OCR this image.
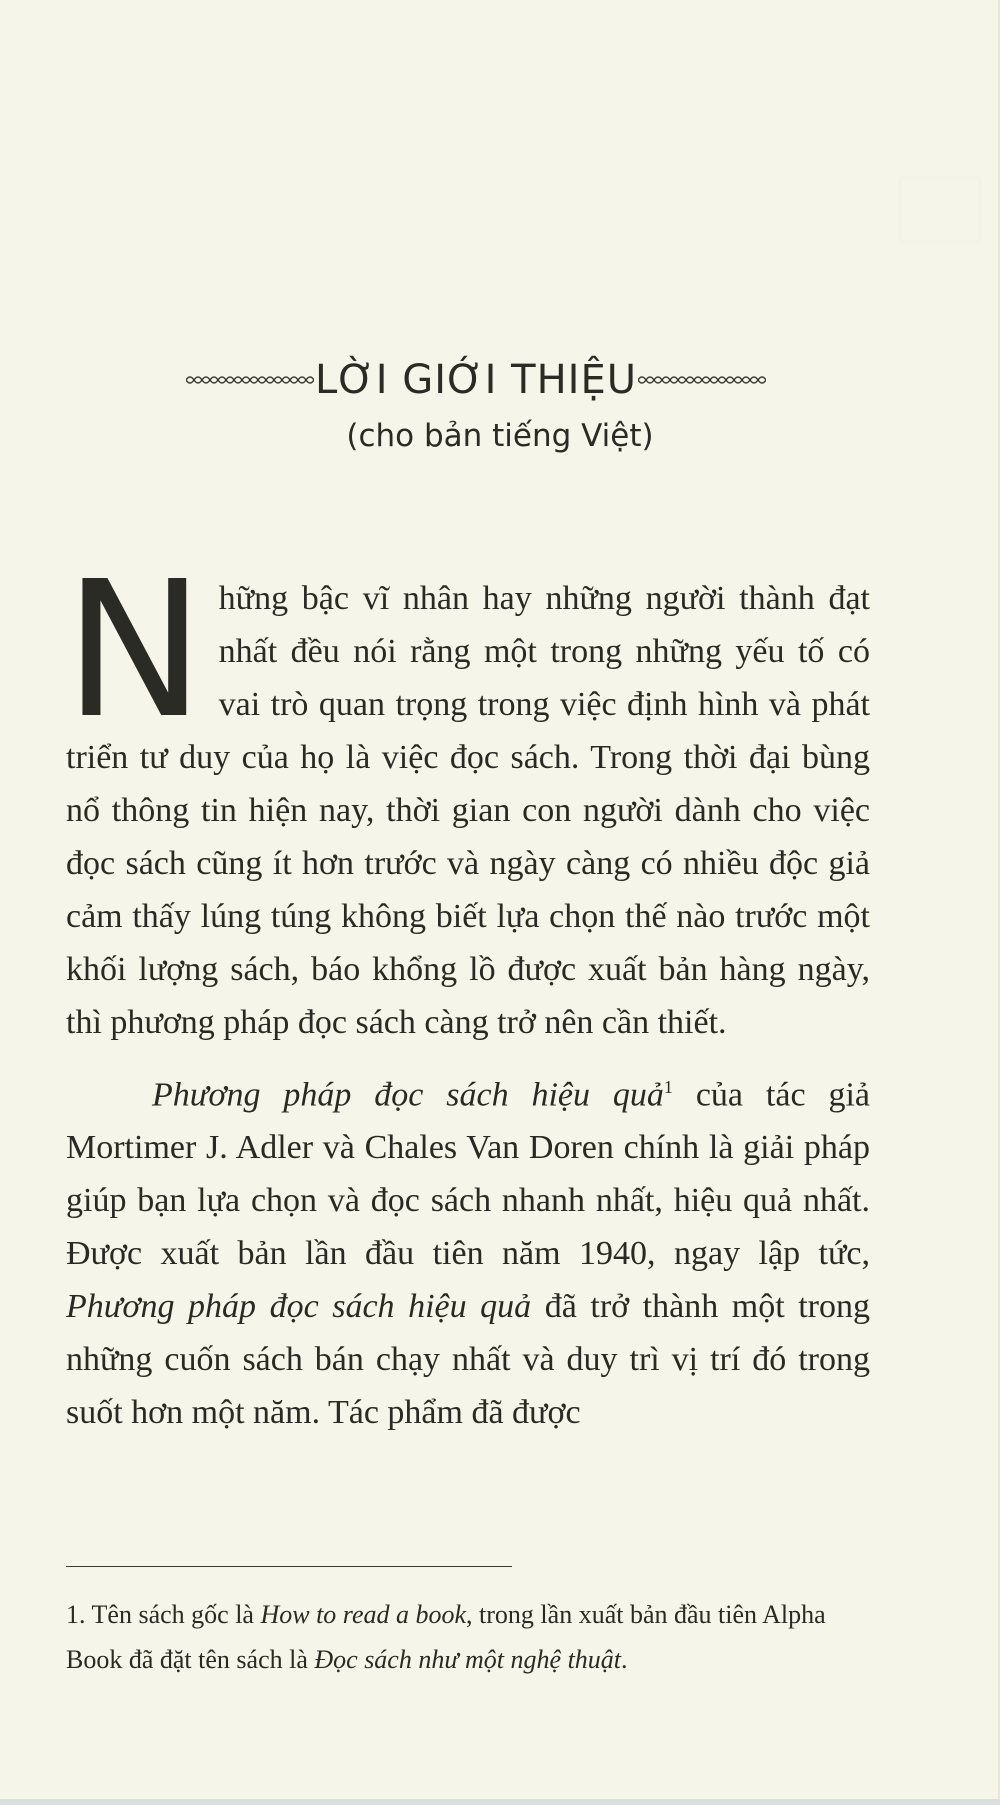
LỜI GIỚI THIỆU
(cho bản tiếng Việt)

Những bậc vĩ nhân hay những người thành đạt nhất đều nói rằng một trong những yếu tố có vai trò quan trọng trong việc định hình và phát triển tư duy của họ là việc đọc sách. Trong thời đại bùng nổ thông tin hiện nay, thời gian con người dành cho việc đọc sách cũng ít hơn trước và ngày càng có nhiều độc giả cảm thấy lúng túng không biết lựa chọn thế nào trước một khối lượng sách, báo khổng lồ được xuất bản hàng ngày, thì phương pháp đọc sách càng trở nên cần thiết.

Phương pháp đọc sách hiệu quả$^1$ của tác giả Mortimer J. Adler và Chales Van Doren chính là giải pháp giúp bạn lựa chọn và đọc sách nhanh nhất, hiệu quả nhất. Được xuất bản lần đầu tiên năm 1940, ngay lập tức, Phương pháp đọc sách hiệu quả đã trở thành một trong những cuốn sách bán chạy nhất và duy trì vị trí đó trong suốt hơn một năm. Tác phẩm đã được

1. Tên sách gốc là How to read a book, trong lần xuất bản đầu tiên Alpha Book đã đặt tên sách là Đọc sách như một nghệ thuật.
